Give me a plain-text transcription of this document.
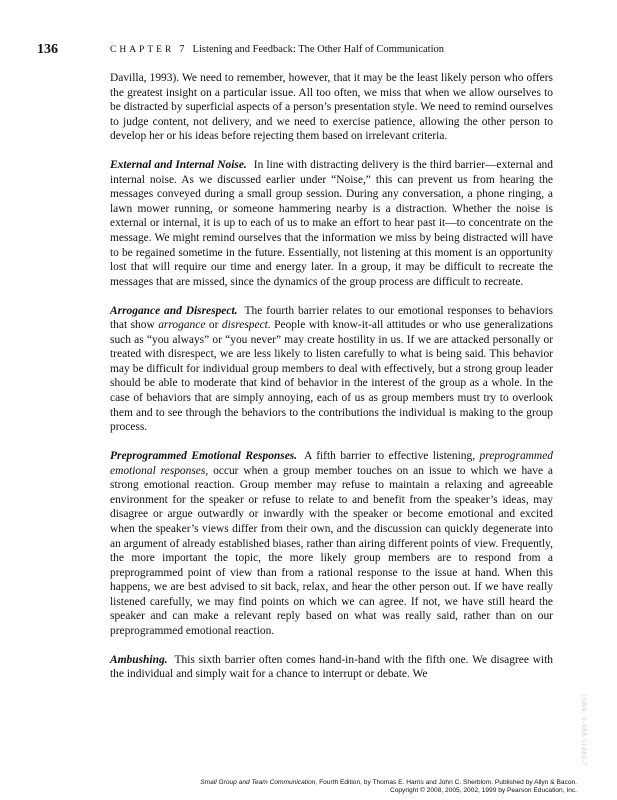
136	CHAPTER 7 Listening and Feedback: The Other Half of Communication

Davilla, 1993). We need to remember, however, that it may be the least likely person who offers the greatest insight on a particular issue. All too often, we miss that when we allow ourselves to be distracted by superficial aspects of a person’s presentation style. We need to remind ourselves to judge content, not delivery, and we need to exercise patience, allowing the other person to develop her or his ideas before rejecting them based on irrelevant criteria.

External and Internal Noise. In line with distracting delivery is the third barrier—external and internal noise. As we discussed earlier under “Noise,” this can prevent us from hearing the messages conveyed during a small group session. During any conversation, a phone ringing, a lawn mower running, or someone hammering nearby is a distraction. Whether the noise is external or internal, it is up to each of us to make an effort to hear past it—to concentrate on the message. We might remind ourselves that the information we miss by being distracted will have to be regained sometime in the future. Essentially, not listening at this moment is an opportunity lost that will require our time and energy later. In a group, it may be difficult to recreate the messages that are missed, since the dynamics of the group process are difficult to recreate.

Arrogance and Disrespect. The fourth barrier relates to our emotional responses to behaviors that show arrogance or disrespect. People with know-it-all attitudes or who use generalizations such as “you always” or “you never” may create hostility in us. If we are attacked personally or treated with disrespect, we are less likely to listen carefully to what is being said. This behavior may be difficult for individual group members to deal with effectively, but a strong group leader should be able to moderate that kind of behavior in the interest of the group as a whole. In the case of behaviors that are simply annoying, each of us as group members must try to overlook them and to see through the behaviors to the contributions the individual is making to the group process.

Preprogrammed Emotional Responses. A fifth barrier to effective listening, preprogrammed emotional responses, occur when a group member touches on an issue to which we have a strong emotional reaction. Group member may refuse to maintain a relaxing and agreeable environment for the speaker or refuse to relate to and benefit from the speaker’s ideas, may disagree or argue outwardly or inwardly with the speaker or become emotional and excited when the speaker’s views differ from their own, and the discussion can quickly degenerate into an argument of already established biases, rather than airing different points of view. Frequently, the more important the topic, the more likely group members are to respond from a preprogrammed point of view than from a rational response to the issue at hand. When this happens, we are best advised to sit back, relax, and hear the other person out. If we have really listened carefully, we may find points on which we can agree. If not, we have still heard the speaker and can make a relevant reply based on what was really said, rather than on our preprogrammed emotional reaction.

Ambushing. This sixth barrier often comes hand-in-hand with the fifth one. We disagree with the individual and simply wait for a chance to interrupt or debate. We

ISBN: 0-558-11282-7
Small Group and Team Communication, Fourth Edition, by Thomas E. Harris and John C. Sherblom. Published by Allyn & Bacon.
Copyright © 2008, 2005, 2002, 1999 by Pearson Education, Inc.
